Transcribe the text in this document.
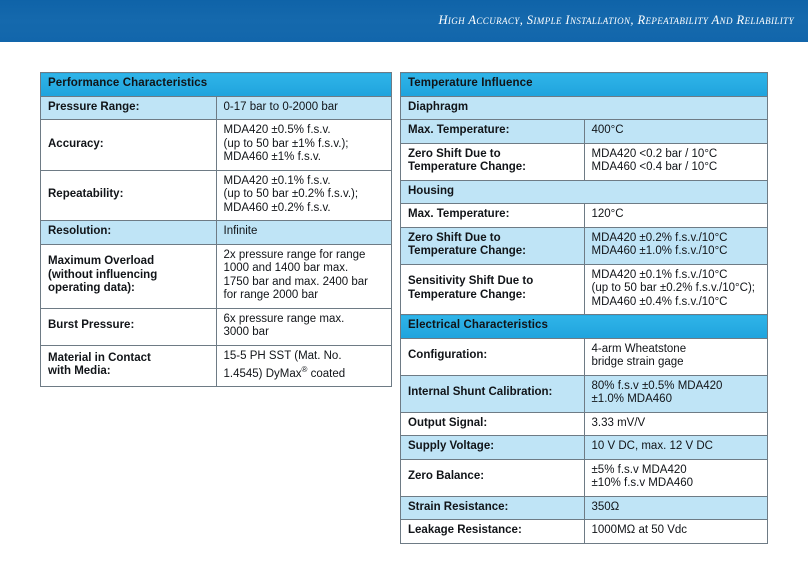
High Accuracy, Simple Installation, Repeatability And Reliability
Performance Characteristics	
Pressure Range:	0-17 bar to 0-2000 bar
Accuracy:	MDA420 ±0.5% f.s.v.
(up to 50 bar ±1% f.s.v.);
MDA460 ±1% f.s.v.
Repeatability:	MDA420 ±0.1% f.s.v.
(up to 50 bar ±0.2% f.s.v.);
MDA460 ±0.2% f.s.v.
Resolution:	Infinite
Maximum Overload
(without influencing
operating data):	2x pressure range for range
1000 and 1400 bar max.
1750 bar and max. 2400 bar
for range 2000 bar
Burst Pressure:	6x pressure range max.
3000 bar
Material in Contact
with Media:	15-5 PH SST (Mat. No.
1.4545) DyMax® coated
Temperature Influence	
Diaphragm	
Max. Temperature:	400°C
Zero Shift Due to
Temperature Change:	MDA420 <0.2 bar / 10°C
MDA460 <0.4 bar / 10°C
Housing	
Max. Temperature:	120°C
Zero Shift Due to
Temperature Change:	MDA420 ±0.2% f.s.v./10°C
MDA460 ±1.0% f.s.v./10°C
Sensitivity Shift Due to
Temperature Change:	MDA420 ±0.1% f.s.v./10°C
(up to 50 bar ±0.2% f.s.v./10°C);
MDA460 ±0.4% f.s.v./10°C
Electrical Characteristics	
Configuration:	4-arm Wheatstone
bridge strain gage
Internal Shunt Calibration:	80% f.s.v ±0.5% MDA420
±1.0% MDA460
Output Signal:	3.33 mV/V
Supply Voltage:	10 V DC, max. 12 V DC
Zero Balance:	±5% f.s.v MDA420
±10% f.s.v MDA460
Strain Resistance:	350Ω
Leakage Resistance:	1000MΩ at 50 Vdc
